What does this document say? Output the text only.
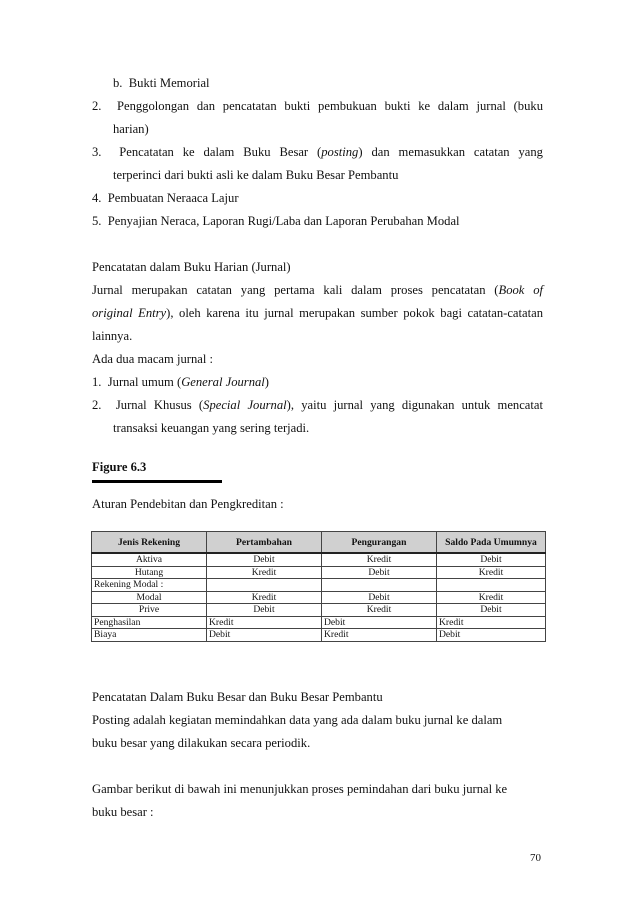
b.  Bukti Memorial
2.  Penggolongan dan pencatatan bukti pembukuan bukti ke dalam jurnal (buku
harian)
3.  Pencatatan ke dalam Buku Besar (posting) dan memasukkan catatan yang
terperinci dari bukti asli ke dalam Buku Besar Pembantu
4.  Pembuatan Neraaca Lajur
5.  Penyajian Neraca, Laporan Rugi/Laba dan Laporan Perubahan Modal
Pencatatan dalam Buku Harian (Jurnal)
Jurnal merupakan catatan yang pertama kali dalam proses pencatatan (Book of
original Entry), oleh karena itu jurnal merupakan sumber pokok bagi catatan-catatan
lainnya.
Ada dua macam jurnal :
1.  Jurnal umum (General Journal)
2.  Jurnal Khusus (Special Journal), yaitu jurnal yang digunakan untuk mencatat
transaksi keuangan yang sering terjadi.
Figure 6.3
Aturan Pendebitan dan Pengkreditan :
Jenis Rekening	Pertambahan	Pengurangan	Saldo Pada Umumnya
Aktiva	Debit	Kredit	Debit
Hutang	Kredit	Debit	Kredit
Rekening Modal :			
Modal	Kredit	Debit	Kredit
Prive	Debit	Kredit	Debit
Penghasilan	Kredit	Debit	Kredit
Biaya	Debit	Kredit	Debit
Pencatatan Dalam Buku Besar dan Buku Besar Pembantu
Posting adalah kegiatan memindahkan data yang ada dalam buku jurnal ke dalam
buku besar yang dilakukan secara periodik.
Gambar berikut di bawah ini menunjukkan proses pemindahan dari buku jurnal ke
buku besar :
70
